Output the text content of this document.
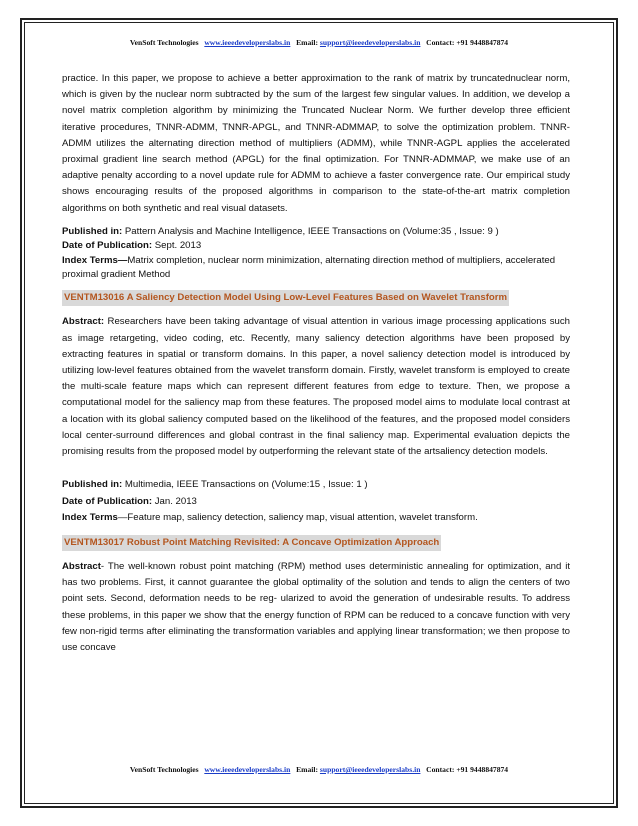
VenSoft Technologies www.ieeedeveloperslabs.in Email: support@ieeedeveloperslabs.in Contact: +91 9448847874

practice. In this paper, we propose to achieve a better approximation to the rank of matrix by truncatednuclear norm, which is given by the nuclear norm subtracted by the sum of the largest few singular values. In addition, we develop a novel matrix completion algorithm by minimizing the Truncated Nuclear Norm. We further develop three efficient iterative procedures, TNNR-ADMM, TNNR-APGL, and TNNR-ADMMAP, to solve the optimization problem. TNNR-ADMM utilizes the alternating direction method of multipliers (ADMM), while TNNR-AGPL applies the accelerated proximal gradient line search method (APGL) for the final optimization. For TNNR-ADMMAP, we make use of an adaptive penalty according to a novel update rule for ADMM to achieve a faster convergence rate. Our empirical study shows encouraging results of the proposed algorithms in comparison to the state-of-the-art matrix completion algorithms on both synthetic and real visual datasets.

Published in: Pattern Analysis and Machine Intelligence, IEEE Transactions on (Volume:35 , Issue: 9 )
Date of Publication: Sept. 2013
Index Terms—Matrix completion, nuclear norm minimization, alternating direction method of multipliers, accelerated proximal gradient Method
VENTM13016 A Saliency Detection Model Using Low-Level Features Based on Wavelet Transform

Abstract: Researchers have been taking advantage of visual attention in various image processing applications such as image retargeting, video coding, etc. Recently, many saliency detection algorithms have been proposed by extracting features in spatial or transform domains. In this paper, a novel saliency detection model is introduced by utilizing low-level features obtained from the wavelet transform domain. Firstly, wavelet transform is employed to create the multi-scale feature maps which can represent different features from edge to texture. Then, we propose a computational model for the saliency map from these features. The proposed model aims to modulate local contrast at a location with its global saliency computed based on the likelihood of the features, and the proposed model considers local center-surround differences and global contrast in the final saliency map. Experimental evaluation depicts the promising results from the proposed model by outperforming the relevant state of the artsaliency detection models.

Published in: Multimedia, IEEE Transactions on (Volume:15 , Issue: 1 )
Date of Publication: Jan. 2013
Index Terms—Feature map, saliency detection, saliency map, visual attention, wavelet transform.
VENTM13017 Robust Point Matching Revisited: A Concave Optimization Approach

Abstract- The well-known robust point matching (RPM) method uses deterministic annealing for optimization, and it has two problems. First, it cannot guarantee the global optimality of the solution and tends to align the centers of two point sets. Second, deformation needs to be reg- ularized to avoid the generation of undesirable results. To address these problems, in this paper we show that the energy function of RPM can be reduced to a concave function with very few non-rigid terms after eliminating the transformation variables and applying linear transformation; we then propose to use concave

VenSoft Technologies www.ieeedeveloperslabs.in Email: support@ieeedeveloperslabs.in Contact: +91 9448847874
